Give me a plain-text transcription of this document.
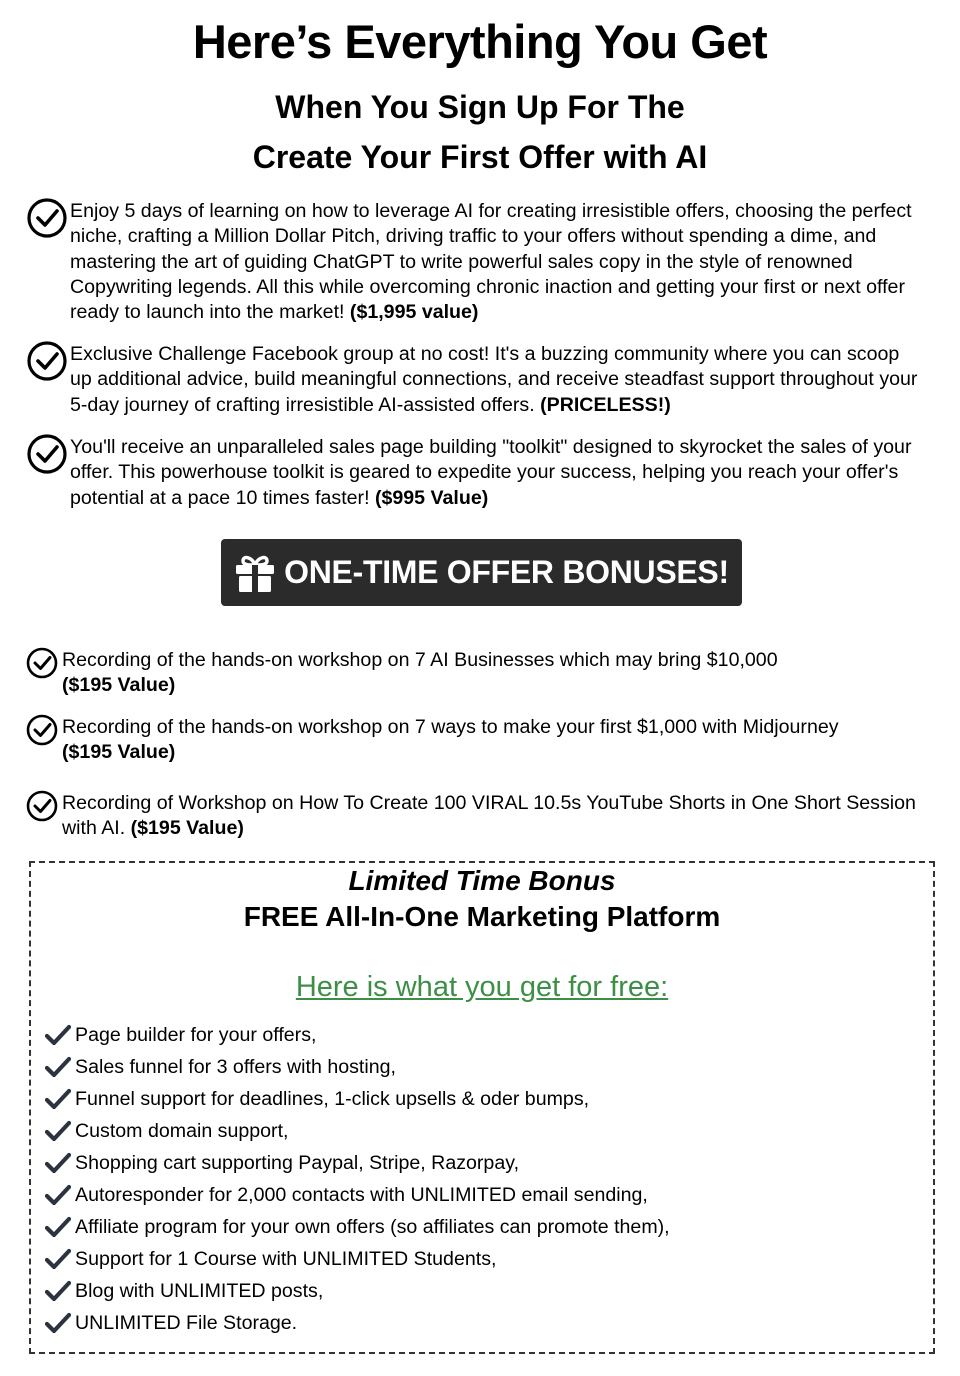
Here’s Everything You Get

When You Sign Up For The

Create Your First Offer with AI

Enjoy 5 days of learning on how to leverage AI for creating irresistible offers, choosing the perfect niche, crafting a Million Dollar Pitch, driving traffic to your offers without spending a dime, and mastering the art of guiding ChatGPT to write powerful sales copy in the style of renowned Copywriting legends. All this while overcoming chronic inaction and getting your first or next offer ready to launch into the market! ($1,995 value)
Exclusive Challenge Facebook group at no cost! It's a buzzing community where you can scoop up additional advice, build meaningful connections, and receive steadfast support throughout your 5-day journey of crafting irresistible AI-assisted offers. (PRICELESS!)
You'll receive an unparalleled sales page building "toolkit" designed to skyrocket the sales of your offer. This powerhouse toolkit is geared to expedite your success, helping you reach your offer's potential at a pace 10 times faster! ($995 Value)
ONE-TIME OFFER BONUSES!
Recording of the hands-on workshop on 7 AI Businesses which may bring $10,000
($195 Value)
Recording of the hands-on workshop on 7 ways to make your first $1,000 with Midjourney
($195 Value)
Recording of Workshop on How To Create 100 VIRAL 10.5s YouTube Shorts in One Short Session with AI. ($195 Value)
Limited Time Bonus
FREE All-In-One Marketing Platform
Here is what you get for free:
Page builder for your offers,
Sales funnel for 3 offers with hosting,
Funnel support for deadlines, 1-click upsells & oder bumps,
Custom domain support,
Shopping cart supporting Paypal, Stripe, Razorpay,
Autoresponder for 2,000 contacts with UNLIMITED email sending,
Affiliate program for your own offers (so affiliates can promote them),
Support for 1 Course with UNLIMITED Students,
Blog with UNLIMITED posts,
UNLIMITED File Storage.
